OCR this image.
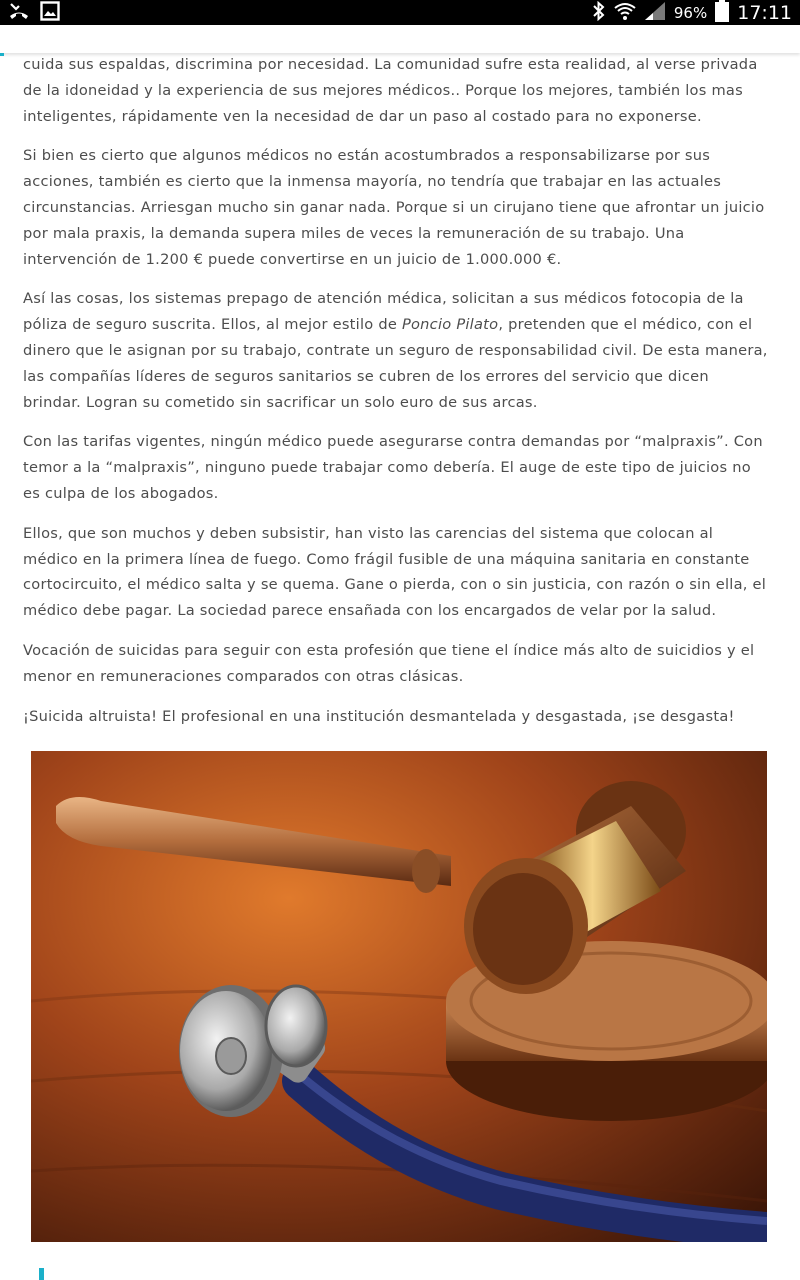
96% 17:11

cuida sus espaldas, discrimina por necesidad. La comunidad sufre esta realidad, al verse privada de la idoneidad y la experiencia de sus mejores médicos.. Porque los mejores, también los mas inteligentes, rápidamente ven la necesidad de dar un paso al costado para no exponerse.

Si bien es cierto que algunos médicos no están acostumbrados a responsabilizarse por sus acciones, también es cierto que la inmensa mayoría, no tendría que trabajar en las actuales circunstancias. Arriesgan mucho sin ganar nada. Porque si un cirujano tiene que afrontar un juicio por mala praxis, la demanda supera miles de veces la remuneración de su trabajo. Una intervención de 1.200 € puede convertirse en un juicio de 1.000.000 €.

Así las cosas, los sistemas prepago de atención médica, solicitan a sus médicos fotocopia de la póliza de seguro suscrita. Ellos, al mejor estilo de Poncio Pilato, pretenden que el médico, con el dinero que le asignan por su trabajo, contrate un seguro de responsabilidad civil. De esta manera, las compañías líderes de seguros sanitarios se cubren de los errores del servicio que dicen brindar. Logran su cometido sin sacrificar un solo euro de sus arcas.

Con las tarifas vigentes, ningún médico puede asegurarse contra demandas por “malpraxis”. Con temor a la “malpraxis”, ninguno puede trabajar como debería. El auge de este tipo de juicios no es culpa de los abogados.

Ellos, que son muchos y deben subsistir, han visto las carencias del sistema que colocan al médico en la primera línea de fuego. Como frágil fusible de una máquina sanitaria en constante cortocircuito, el médico salta y se quema. Gane o pierda, con o sin justicia, con razón o sin ella, el médico debe pagar. La sociedad parece ensañada con los encargados de velar por la salud.

Vocación de suicidas para seguir con esta profesión que tiene el índice más alto de suicidios y el menor en remuneraciones comparados con otras clásicas.

¡Suicida altruista! El profesional en una institución desmantelada y desgastada, ¡se desgasta!
